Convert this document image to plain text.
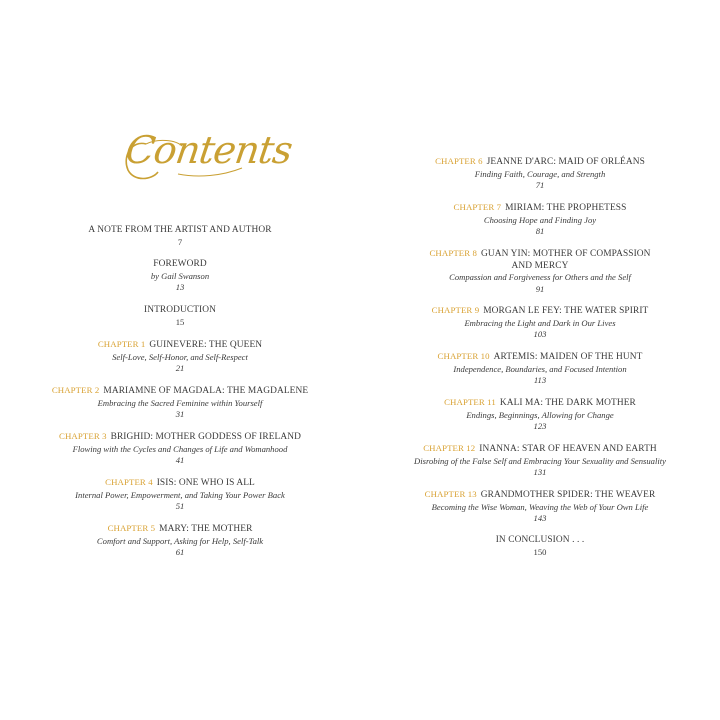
Contents
A NOTE FROM THE ARTIST AND AUTHOR
7
FOREWORD
by Gail Swanson
13
INTRODUCTION
15
CHAPTER 1 GUINEVERE: THE QUEEN
Self-Love, Self-Honor, and Self-Respect
21
CHAPTER 2 MARIAMNE OF MAGDALA: THE MAGDALENE
Embracing the Sacred Feminine within Yourself
31
CHAPTER 3 BRIGHID: MOTHER GODDESS OF IRELAND
Flowing with the Cycles and Changes of Life and Womanhood
41
CHAPTER 4 ISIS: ONE WHO IS ALL
Internal Power, Empowerment, and Taking Your Power Back
51
CHAPTER 5 MARY: THE MOTHER
Comfort and Support, Asking for Help, Self-Talk
61
CHAPTER 6 JEANNE D'ARC: MAID OF ORLÉANS
Finding Faith, Courage, and Strength
71
CHAPTER 7 MIRIAM: THE PROPHETESS
Choosing Hope and Finding Joy
81
CHAPTER 8 GUAN YIN: MOTHER OF COMPASSION
AND MERCY
Compassion and Forgiveness for Others and the Self
91
CHAPTER 9 MORGAN LE FEY: THE WATER SPIRIT
Embracing the Light and Dark in Our Lives
103
CHAPTER 10 ARTEMIS: MAIDEN OF THE HUNT
Independence, Boundaries, and Focused Intention
113
CHAPTER 11 KALI MA: THE DARK MOTHER
Endings, Beginnings, Allowing for Change
123
CHAPTER 12 INANNA: STAR OF HEAVEN AND EARTH
Disrobing of the False Self and Embracing Your Sexuality and Sensuality
131
CHAPTER 13 GRANDMOTHER SPIDER: THE WEAVER
Becoming the Wise Woman, Weaving the Web of Your Own Life
143
IN CONCLUSION . . .
150
